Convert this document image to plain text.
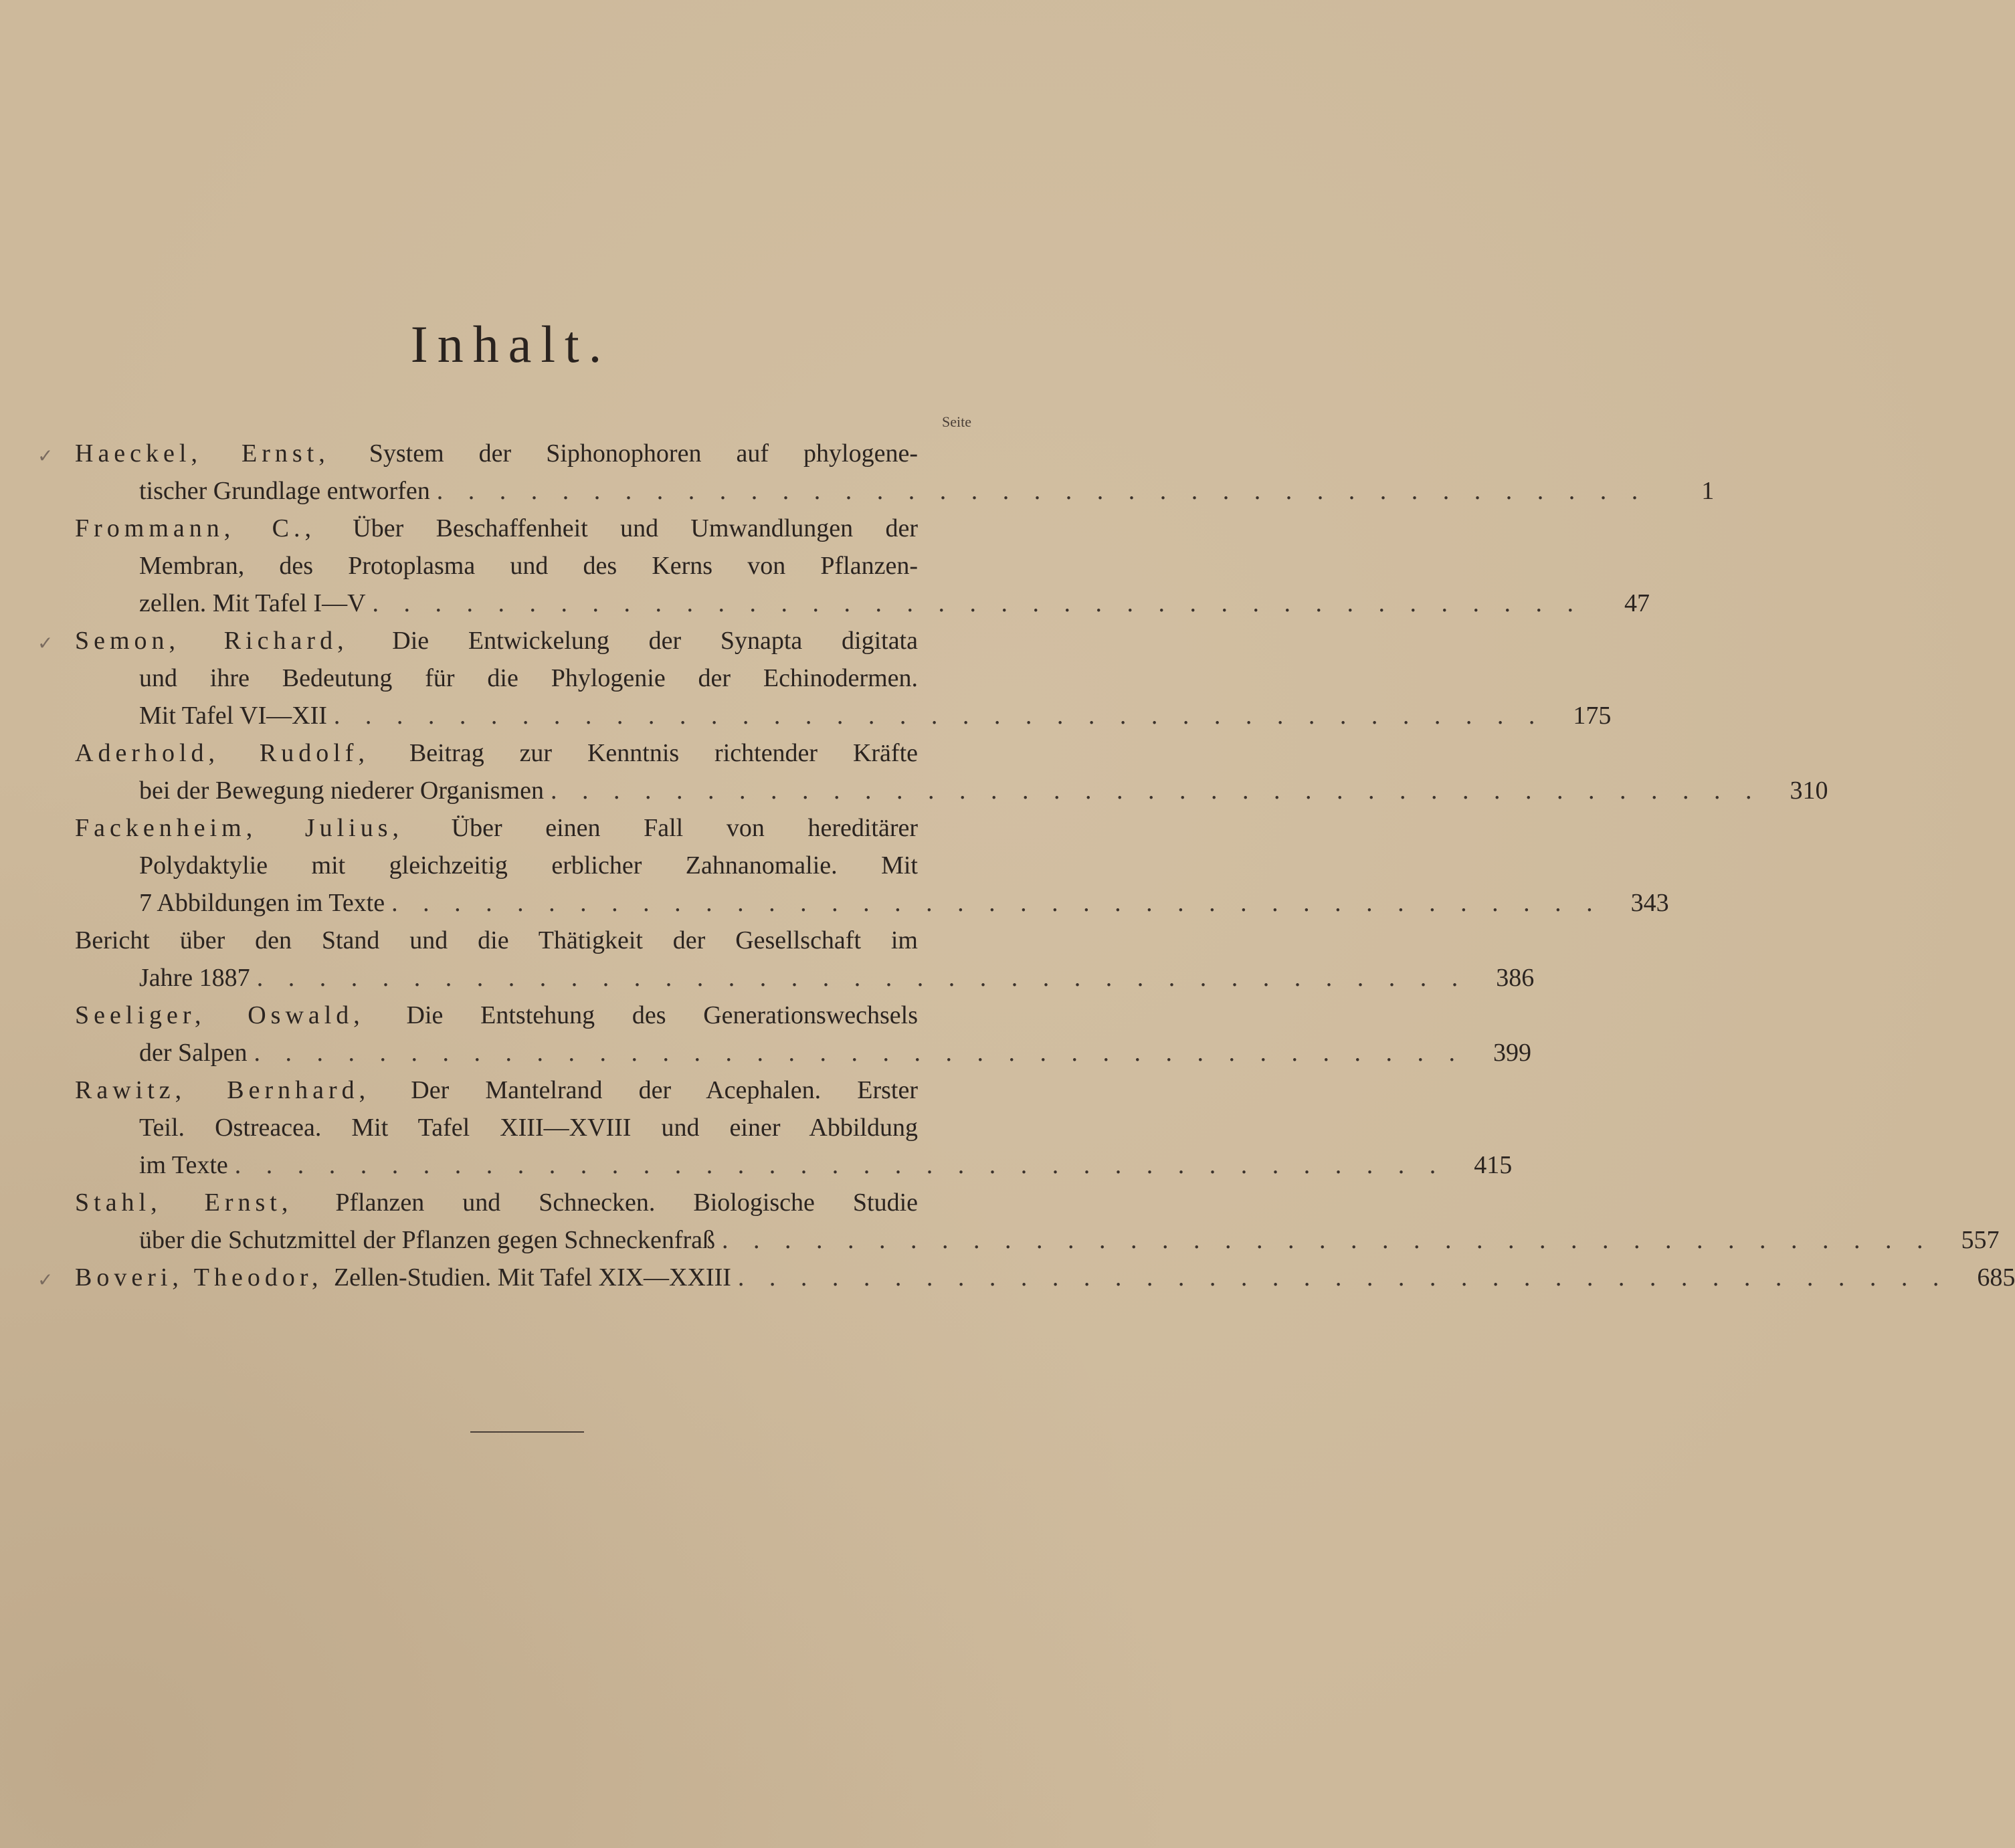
Inhalt.
Seite
✓ Haeckel, Ernst, System der Siphonophoren auf phylogene-
tischer Grundlage entworfen . . . . . . . . . . . . . . . . . . . . . . . . . . . . . . . . . . . . . . .	1
Frommann, C., Über Beschaffenheit und Umwandlungen der
Membran, des Protoplasma und des Kerns von Pflanzen-
zellen. Mit Tafel I—V . . . . . . . . . . . . . . . . . . . . . . . . . . . . . . . . . . . . . . .	47
✓ Semon, Richard, Die Entwickelung der Synapta digitata
und ihre Bedeutung für die Phylogenie der Echinodermen.
Mit Tafel VI—XII . . . . . . . . . . . . . . . . . . . . . . . . . . . . . . . . . . . . . . .	175
Aderhold, Rudolf, Beitrag zur Kenntnis richtender Kräfte
bei der Bewegung niederer Organismen . . . . . . . . . . . . . . . . . . . . . . . . . . . . . . . . . . . . . . .	310
Fackenheim, Julius, Über einen Fall von hereditärer
Polydaktylie mit gleichzeitig erblicher Zahnanomalie. Mit
7 Abbildungen im Texte . . . . . . . . . . . . . . . . . . . . . . . . . . . . . . . . . . . . . . .	343
Bericht über den Stand und die Thätigkeit der Gesellschaft im
Jahre 1887 . . . . . . . . . . . . . . . . . . . . . . . . . . . . . . . . . . . . . . .	386
Seeliger, Oswald, Die Entstehung des Generationswechsels
der Salpen . . . . . . . . . . . . . . . . . . . . . . . . . . . . . . . . . . . . . . .	399
Rawitz, Bernhard, Der Mantelrand der Acephalen. Erster
Teil. Ostreacea. Mit Tafel XIII—XVIII und einer Abbildung
im Texte . . . . . . . . . . . . . . . . . . . . . . . . . . . . . . . . . . . . . . .	415
Stahl, Ernst, Pflanzen und Schnecken. Biologische Studie
über die Schutzmittel der Pflanzen gegen Schneckenfraß . . . . . . . . . . . . . . . . . . . . . . . . . . . . . . . . . . . . . . .	557
✓ Boveri, Theodor, Zellen-Studien. Mit Tafel XIX—XXIII . . . . . . . . . . . . . . . . . . . . . . . . . . . . . . . . . . . . . . .	685
